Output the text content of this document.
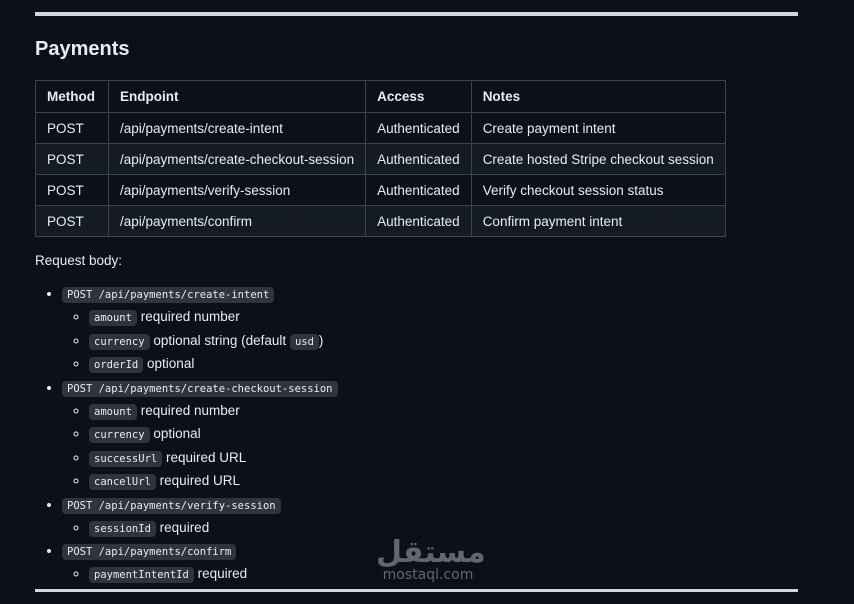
Payments
Method	Endpoint	Access	Notes
POST	/api/payments/create-intent	Authenticated	Create payment intent
POST	/api/payments/create-checkout-session	Authenticated	Create hosted Stripe checkout session
POST	/api/payments/verify-session	Authenticated	Verify checkout session status
POST	/api/payments/confirm	Authenticated	Confirm payment intent
Request body:
• POST /api/payments/create-intent
◦ amount required number
◦ currency optional string (default usd )
◦ orderId optional
• POST /api/payments/create-checkout-session
◦ amount required number
◦ currency optional
◦ successUrl required URL
◦ cancelUrl required URL
• POST /api/payments/verify-session
◦ sessionId required
• POST /api/payments/confirm
◦ paymentIntentId required
مستقل
mostaql.com
